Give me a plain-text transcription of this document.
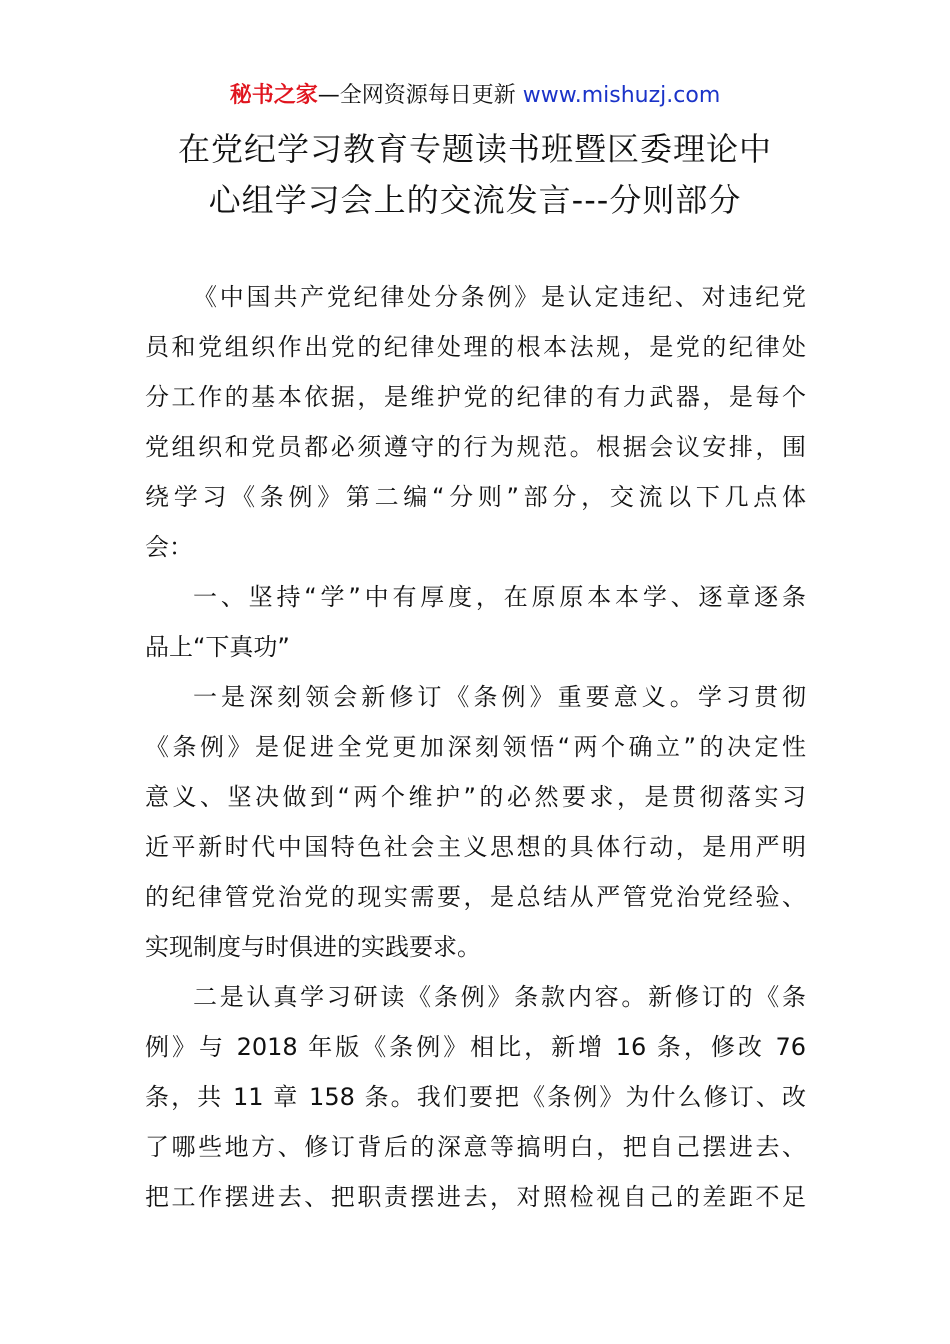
秘书之家—全网资源每日更新 www.mishuzj.com
在党纪学习教育专题读书班暨区委理论中
心组学习会上的交流发言---分则部分
《中国共产党纪律处分条例》是认定违纪、对违纪党
员和党组织作出党的纪律处理的根本法规，是党的纪律处
分工作的基本依据，是维护党的纪律的有力武器，是每个
党组织和党员都必须遵守的行为规范。根据会议安排，围
绕学习《条例》第二编“分则”部分，交流以下几点体
会：
一、坚持“学”中有厚度，在原原本本学、逐章逐条
品上“下真功”
一是深刻领会新修订《条例》重要意义。学习贯彻
《条例》是促进全党更加深刻领悟“两个确立”的决定性
意义、坚决做到“两个维护”的必然要求，是贯彻落实习
近平新时代中国特色社会主义思想的具体行动，是用严明
的纪律管党治党的现实需要，是总结从严管党治党经验、
实现制度与时俱进的实践要求。
二是认真学习研读《条例》条款内容。新修订的《条
例》与 2018 年版《条例》相比，新增 16 条，修改 76
条，共 11 章 158 条。我们要把《条例》为什么修订、改
了哪些地方、修订背后的深意等搞明白，把自己摆进去、
把工作摆进去、把职责摆进去，对照检视自己的差距不足
